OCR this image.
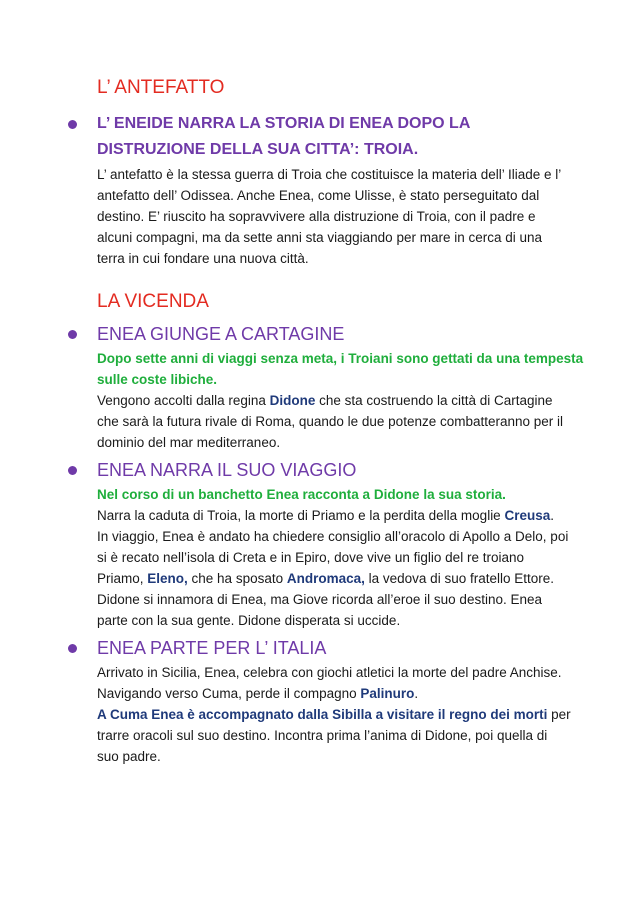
L’ ANTEFATTO
L’ ENEIDE NARRA LA STORIA DI ENEA DOPO LA
DISTRUZIONE DELLA SUA CITTA’: TROIA.
L’ antefatto è la stessa guerra di Troia che costituisce la materia dell’ Iliade e l’
antefatto dell’ Odissea. Anche Enea, come Ulisse, è stato perseguitato dal
destino. E’ riuscito ha sopravvivere alla distruzione di Troia, con il padre e
alcuni compagni, ma da sette anni sta viaggiando per mare in cerca di una
terra in cui fondare una nuova città.
LA VICENDA
ENEA GIUNGE A CARTAGINE
Dopo sette anni di viaggi senza meta, i Troiani sono gettati da una tempesta
sulle coste libiche.
Vengono accolti dalla regina Didone che sta costruendo la città di Cartagine
che sarà la futura rivale di Roma, quando le due potenze combatteranno per il
dominio del mar mediterraneo.
ENEA NARRA IL SUO VIAGGIO
Nel corso di un banchetto Enea racconta a Didone la sua storia.
Narra la caduta di Troia, la morte di Priamo e la perdita della moglie Creusa.
In viaggio, Enea è andato ha chiedere consiglio all’oracolo di Apollo a Delo, poi
si è recato nell’isola di Creta e in Epiro, dove vive un figlio del re troiano
Priamo, Eleno, che ha sposato Andromaca, la vedova di suo fratello Ettore.
Didone si innamora di Enea, ma Giove ricorda all’eroe il suo destino. Enea
parte con la sua gente. Didone disperata si uccide.
ENEA PARTE PER L’ ITALIA
Arrivato in Sicilia, Enea, celebra con giochi atletici la morte del padre Anchise.
Navigando verso Cuma, perde il compagno Palinuro.
A Cuma Enea è accompagnato dalla Sibilla a visitare il regno dei morti per
trarre oracoli sul suo destino. Incontra prima l’anima di Didone, poi quella di
suo padre.
